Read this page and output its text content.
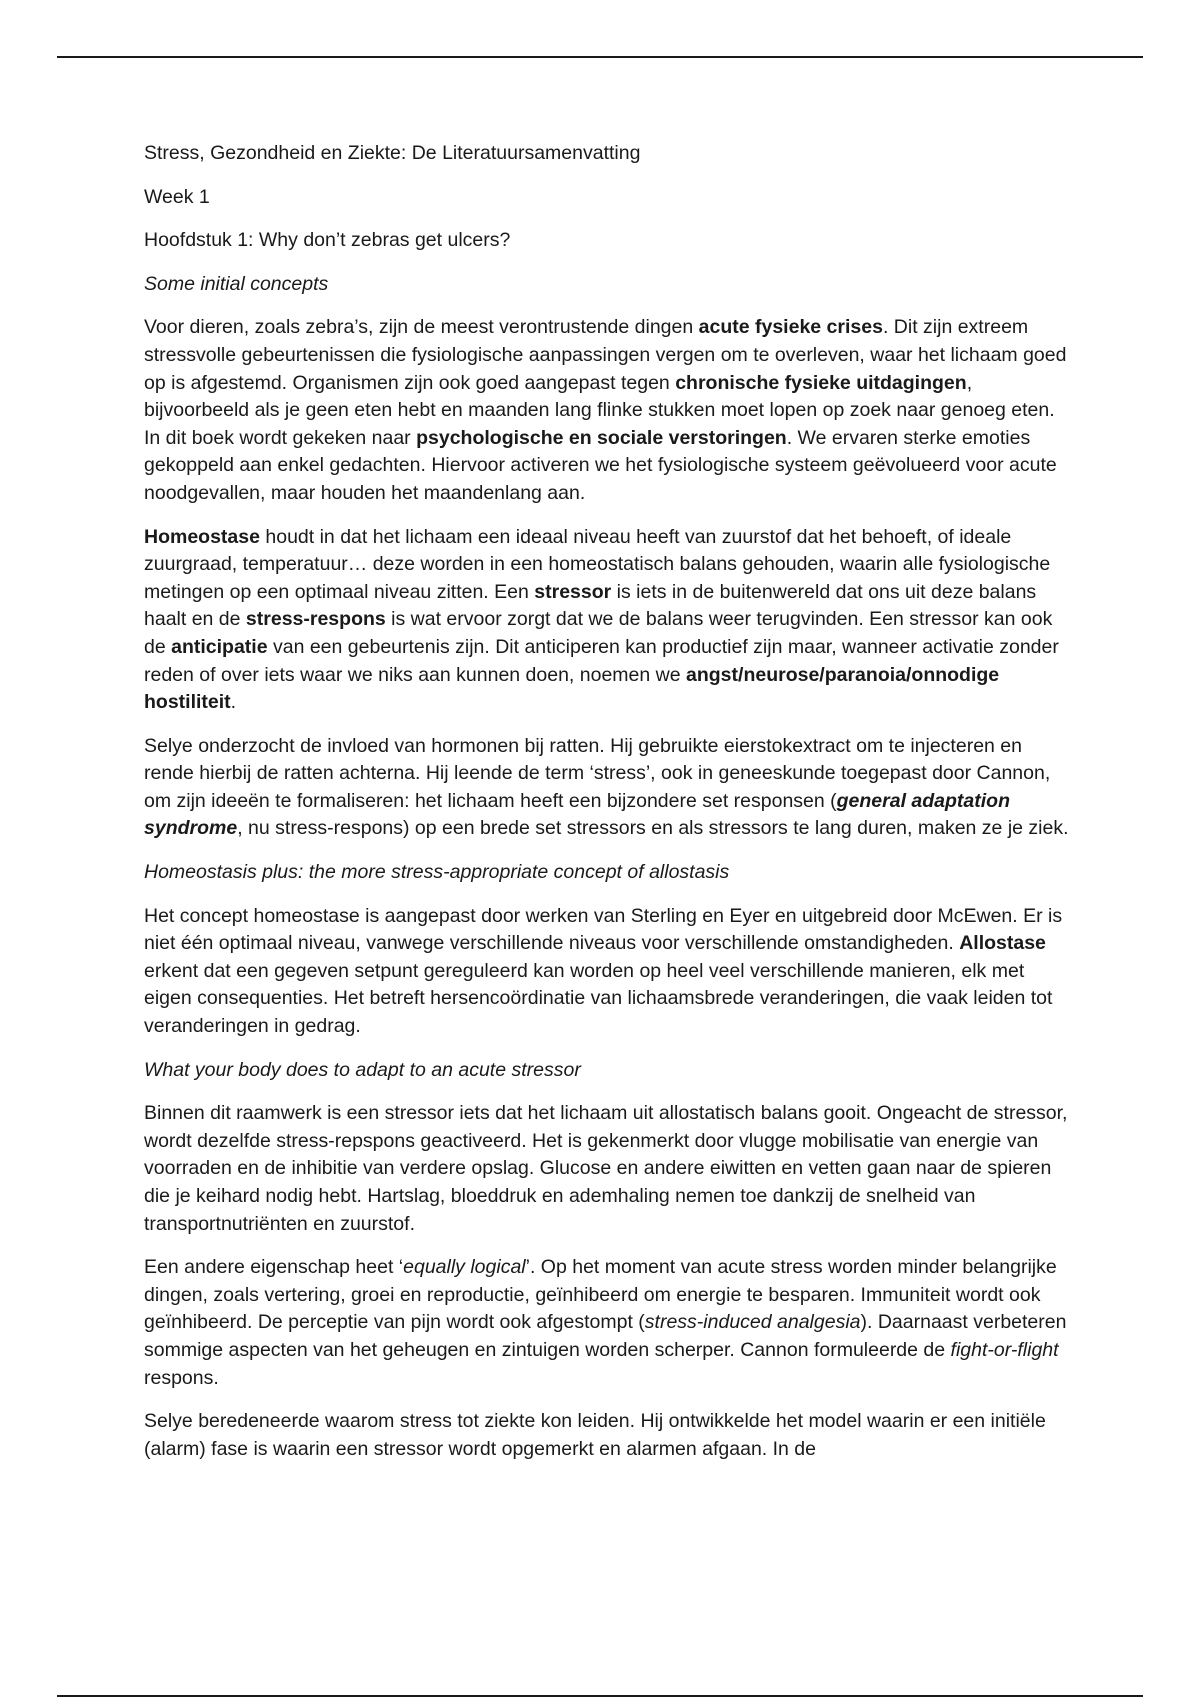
Stress, Gezondheid en Ziekte: De Literatuursamenvatting

Week 1

Hoofdstuk 1: Why don’t zebras get ulcers?

Some initial concepts

Voor dieren, zoals zebra’s, zijn de meest verontrustende dingen acute fysieke crises. Dit zijn extreem stressvolle gebeurtenissen die fysiologische aanpassingen vergen om te overleven, waar het lichaam goed op is afgestemd. Organismen zijn ook goed aangepast tegen chronische fysieke uitdagingen, bijvoorbeeld als je geen eten hebt en maanden lang flinke stukken moet lopen op zoek naar genoeg eten. In dit boek wordt gekeken naar psychologische en sociale verstoringen. We ervaren sterke emoties gekoppeld aan enkel gedachten. Hiervoor activeren we het fysiologische systeem geëvolueerd voor acute noodgevallen, maar houden het maandenlang aan.

Homeostase houdt in dat het lichaam een ideaal niveau heeft van zuurstof dat het behoeft, of ideale zuurgraad, temperatuur… deze worden in een homeostatisch balans gehouden, waarin alle fysiologische metingen op een optimaal niveau zitten. Een stressor is iets in de buitenwereld dat ons uit deze balans haalt en de stress-respons is wat ervoor zorgt dat we de balans weer terugvinden. Een stressor kan ook de anticipatie van een gebeurtenis zijn. Dit anticiperen kan productief zijn maar, wanneer activatie zonder reden of over iets waar we niks aan kunnen doen, noemen we angst/neurose/paranoia/onnodige hostiliteit.

Selye onderzocht de invloed van hormonen bij ratten. Hij gebruikte eierstokextract om te injecteren en rende hierbij de ratten achterna. Hij leende de term ‘stress’, ook in geneeskunde toegepast door Cannon, om zijn ideeën te formaliseren: het lichaam heeft een bijzondere set responsen (general adaptation syndrome, nu stress-respons) op een brede set stressors en als stressors te lang duren, maken ze je ziek.

Homeostasis plus: the more stress-appropriate concept of allostasis

Het concept homeostase is aangepast door werken van Sterling en Eyer en uitgebreid door McEwen. Er is niet één optimaal niveau, vanwege verschillende niveaus voor verschillende omstandigheden. Allostase erkent dat een gegeven setpunt gereguleerd kan worden op heel veel verschillende manieren, elk met eigen consequenties. Het betreft hersencoördinatie van lichaamsbrede veranderingen, die vaak leiden tot veranderingen in gedrag.

What your body does to adapt to an acute stressor

Binnen dit raamwerk is een stressor iets dat het lichaam uit allostatisch balans gooit. Ongeacht de stressor, wordt dezelfde stress-repspons geactiveerd. Het is gekenmerkt door vlugge mobilisatie van energie van voorraden en de inhibitie van verdere opslag. Glucose en andere eiwitten en vetten gaan naar de spieren die je keihard nodig hebt. Hartslag, bloeddruk en ademhaling nemen toe dankzij de snelheid van transportnutriënten en zuurstof.

Een andere eigenschap heet ‘equally logical’. Op het moment van acute stress worden minder belangrijke dingen, zoals vertering, groei en reproductie, geïnhibeerd om energie te besparen. Immuniteit wordt ook geïnhibeerd. De perceptie van pijn wordt ook afgestompt (stress-induced analgesia). Daarnaast verbeteren sommige aspecten van het geheugen en zintuigen worden scherper. Cannon formuleerde de fight-or-flight respons.

Selye beredeneerde waarom stress tot ziekte kon leiden. Hij ontwikkelde het model waarin er een initiële (alarm) fase is waarin een stressor wordt opgemerkt en alarmen afgaan. In de
